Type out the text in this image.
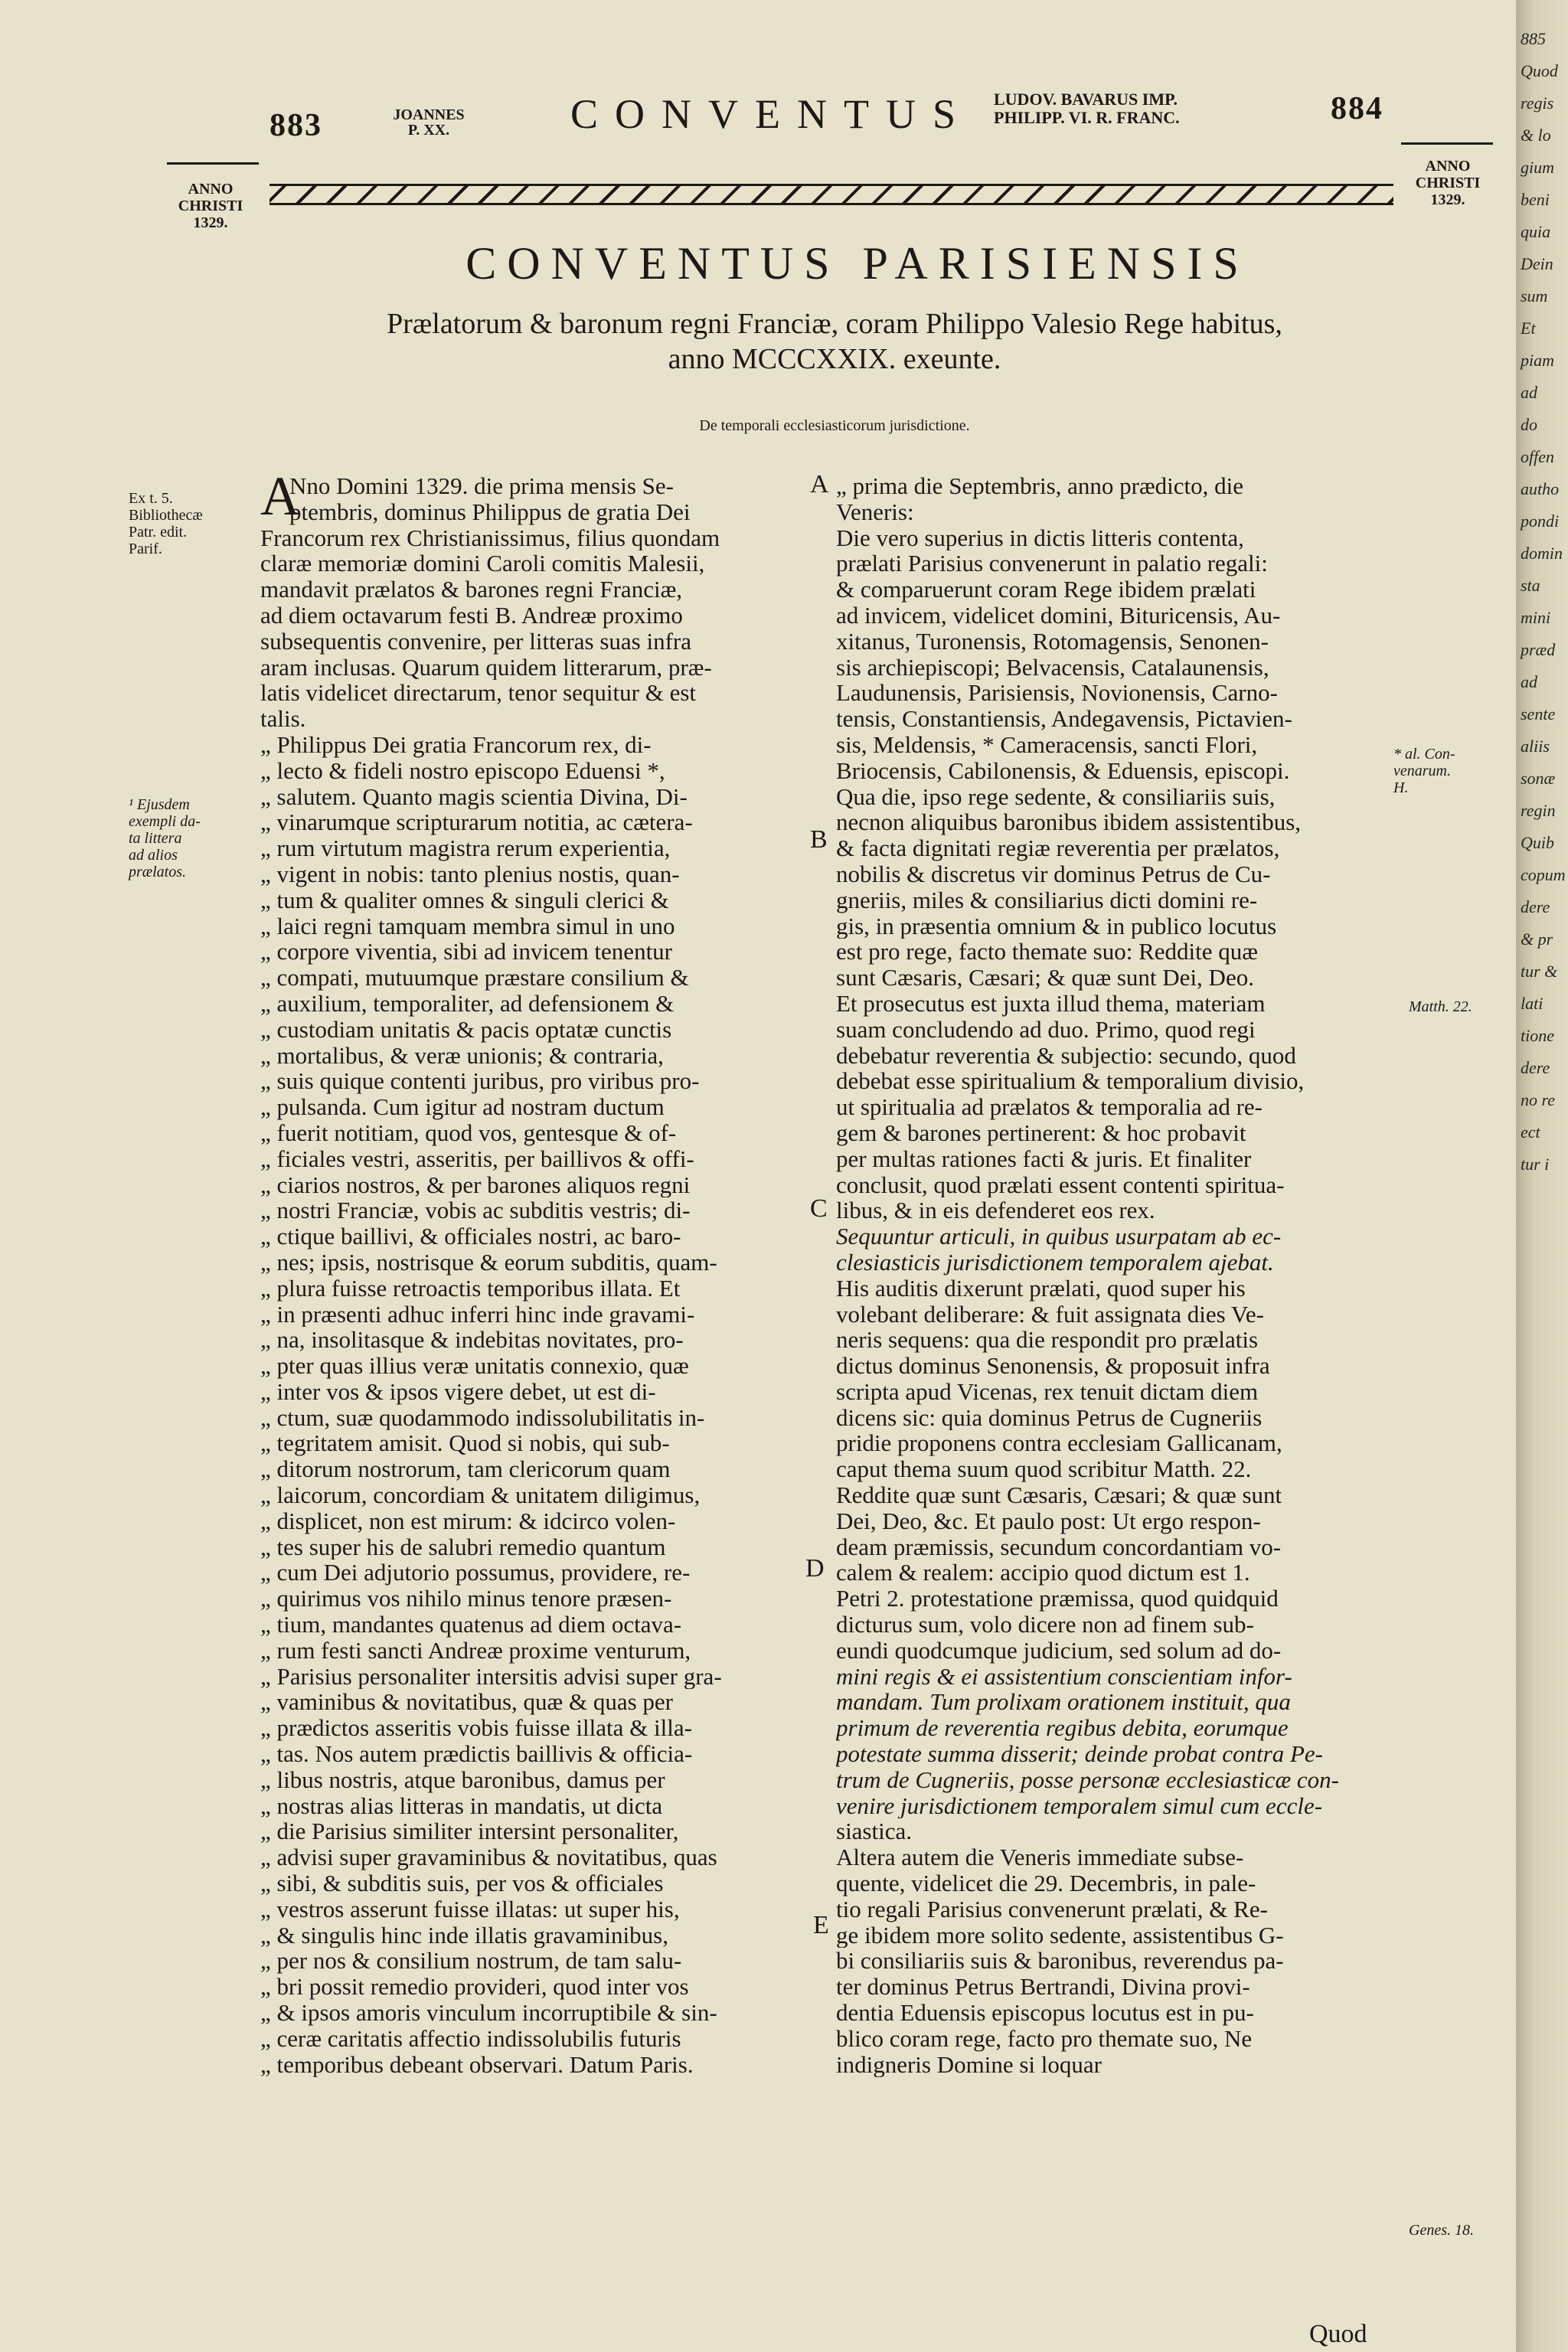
883	JOANNES
P. XX.	CONVENTUS LUDOV. BAVARUS IMP.
PHILIPP. VI. R. FRANC.	884
ANNO
CHRISTI
1329.
ANNO
CHRISTI
1329.
CONVENTUS PARISIENSIS
Prælatorum & baronum regni Franciæ, coram Philippo Valesio Rege habitus,
anno MCCCXXIX. exeunte.
De temporali ecclesiasticorum jurisdictione.
Ex t. 5.
Bibliothecæ
Patr. edit.
Parif.
¹ Ejusdem
exempli da-
ta littera
ad alios
prælatos.
* al. Con-
venarum.
H.
Matth. 22.
Genes. 18.
A
B
C
D
E
Nno Domini 1329. die prima mensis Se-
ptembris, dominus Philippus de gratia Dei
Francorum rex Christianissimus, filius quondam
claræ memoriæ domini Caroli comitis Malesii,
mandavit prælatos & barones regni Franciæ,
ad diem octavarum festi B. Andreæ proximo
subsequentis convenire, per litteras suas infra
aram inclusas. Quarum quidem litterarum, præ-
latis videlicet directarum, tenor sequitur & est
talis.
„ Philippus Dei gratia Francorum rex, di-
„ lecto & fideli nostro episcopo Eduensi *,
„ salutem. Quanto magis scientia Divina, Di-
„ vinarumque scripturarum notitia, ac cætera-
„ rum virtutum magistra rerum experientia,
„ vigent in nobis: tanto plenius nostis, quan-
„ tum & qualiter omnes & singuli clerici &
„ laici regni tamquam membra simul in uno
„ corpore viventia, sibi ad invicem tenentur
„ compati, mutuumque præstare consilium &
„ auxilium, temporaliter, ad defensionem &
„ custodiam unitatis & pacis optatæ cunctis
„ mortalibus, & veræ unionis; & contraria,
„ suis quique contenti juribus, pro viribus pro-
„ pulsanda. Cum igitur ad nostram ductum
„ fuerit notitiam, quod vos, gentesque & of-
„ ficiales vestri, asseritis, per baillivos & offi-
„ ciarios nostros, & per barones aliquos regni
„ nostri Franciæ, vobis ac subditis vestris; di-
„ ctique baillivi, & officiales nostri, ac baro-
„ nes; ipsis, nostrisque & eorum subditis, quam-
„ plura fuisse retroactis temporibus illata. Et
„ in præsenti adhuc inferri hinc inde gravami-
„ na, insolitasque & indebitas novitates, pro-
„ pter quas illius veræ unitatis connexio, quæ
„ inter vos & ipsos vigere debet, ut est di-
„ ctum, suæ quodammodo indissolubilitatis in-
„ tegritatem amisit. Quod si nobis, qui sub-
„ ditorum nostrorum, tam clericorum quam
„ laicorum, concordiam & unitatem diligimus,
„ displicet, non est mirum: & idcirco volen-
„ tes super his de salubri remedio quantum
„ cum Dei adjutorio possumus, providere, re-
„ quirimus vos nihilo minus tenore præsen-
„ tium, mandantes quatenus ad diem octava-
„ rum festi sancti Andreæ proxime venturum,
„ Parisius personaliter intersitis advisi super gra-
„ vaminibus & novitatibus, quæ & quas per
„ prædictos asseritis vobis fuisse illata & illa-
„ tas. Nos autem prædictis baillivis & officia-
„ libus nostris, atque baronibus, damus per
„ nostras alias litteras in mandatis, ut dicta
„ die Parisius similiter intersint personaliter,
„ advisi super gravaminibus & novitatibus, quas
„ sibi, & subditis suis, per vos & officiales
„ vestros asserunt fuisse illatas: ut super his,
„ & singulis hinc inde illatis gravaminibus,
„ per nos & consilium nostrum, de tam salu-
„ bri possit remedio provideri, quod inter vos
„ & ipsos amoris vinculum incorruptibile & sin-
„ ceræ caritatis affectio indissolubilis futuris
„ temporibus debeant observari. Datum Paris.
A	„ prima die Septembris, anno prædicto, die
Veneris:
Die vero superius in dictis litteris contenta,
prælati Parisius convenerunt in palatio regali:
& comparuerunt coram Rege ibidem prælati
ad invicem, videlicet domini, Bituricensis, Au-
xitanus, Turonensis, Rotomagensis, Senonen-
sis archiepiscopi; Belvacensis, Catalaunensis,
Laudunensis, Parisiensis, Novionensis, Carno-
tensis, Constantiensis, Andegavensis, Pictavien-
sis, Meldensis, * Cameracensis, sancti Flori,
Briocensis, Cabilonensis, & Eduensis, episcopi.
Qua die, ipso rege sedente, & consiliariis suis,
necnon aliquibus baronibus ibidem assistentibus,
& facta dignitati regiæ reverentia per prælatos,
nobilis & discretus vir dominus Petrus de Cu-
gneriis, miles & consiliarius dicti domini re-
gis, in præsentia omnium & in publico locutus
est pro rege, facto themate suo: Reddite quæ
sunt Cæsaris, Cæsari; & quæ sunt Dei, Deo.
Et prosecutus est juxta illud thema, materiam
suam concludendo ad duo. Primo, quod regi
debebatur reverentia & subjectio: secundo, quod
debebat esse spiritualium & temporalium divisio,
ut spiritualia ad prælatos & temporalia ad re-
gem & barones pertinerent: & hoc probavit
per multas rationes facti & juris. Et finaliter
conclusit, quod prælati essent contenti spiritua-
libus, & in eis defenderet eos rex.
Sequuntur articuli, in quibus usurpatam ab ec-
clesiasticis jurisdictionem temporalem ajebat.
His auditis dixerunt prælati, quod super his
volebant deliberare: & fuit assignata dies Ve-
neris sequens: qua die respondit pro prælatis
dictus dominus Senonensis, & proposuit infra
scripta apud Vicenas, rex tenuit dictam diem
dicens sic: quia dominus Petrus de Cugneriis
pridie proponens contra ecclesiam Gallicanam,
caput thema suum quod scribitur Matth. 22.
Reddite quæ sunt Cæsaris, Cæsari; & quæ sunt
Dei, Deo, &c. Et paulo post: Ut ergo respon-
deam præmissis, secundum concordantiam vo-
calem & realem: accipio quod dictum est 1.
Petri 2. protestatione præmissa, quod quidquid
dicturus sum, volo dicere non ad finem sub-
eundi quodcumque judicium, sed solum ad do-
mini regis & ei assistentium conscientiam infor-
mandam. Tum prolixam orationem instituit, qua
primum de reverentia regibus debita, eorumque
potestate summa disserit; deinde probat contra Pe-
trum de Cugneriis, posse personæ ecclesiasticæ con-
venire jurisdictionem temporalem simul cum eccle-
siastica.
Altera autem die Veneris immediate subse-
quente, videlicet die 29. Decembris, in pale-
tio regali Parisius convenerunt prælati, & Re-
ge ibidem more solito sedente, assistentibus G-
bi consiliariis suis & baronibus, reverendus pa-
ter dominus Petrus Bertrandi, Divina provi-
dentia Eduensis episcopus locutus est in pu-
blico coram rege, facto pro themate suo, Ne
indigneris Domine si loquar
Quod
885
Quod
regis
& lo
gium
beni
quia
Dein
sum
Et
piam
ad
do
offen
autho
pondi
domin
sta
mini
præd
ad
sente
aliis
sonæ
regin
Quib
copum
dere
& pr
tur &
lati
tione
dere
no re
ect
tur i
